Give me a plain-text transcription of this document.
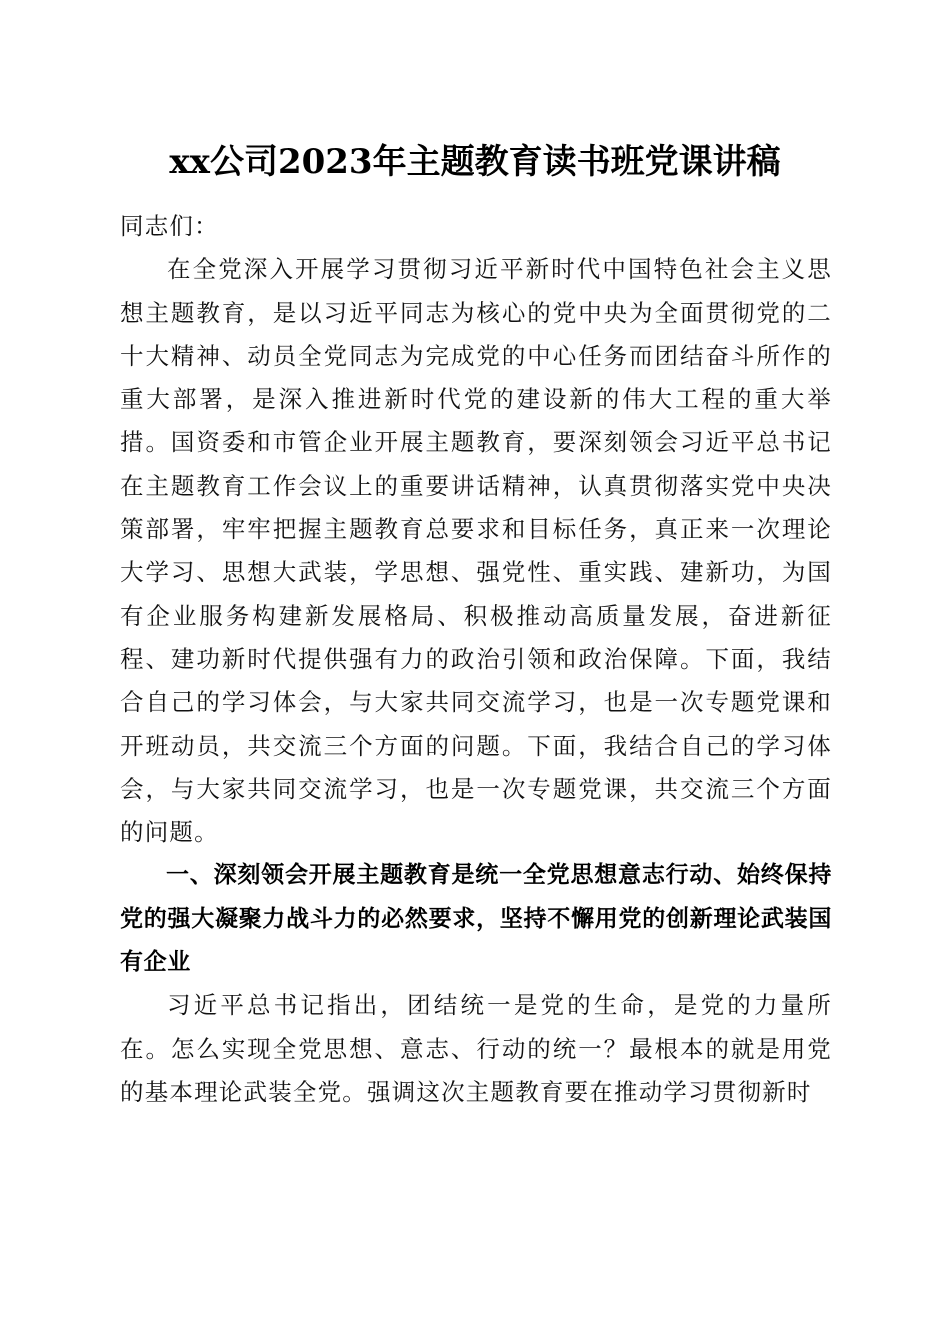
xx公司2023年主题教育读书班党课讲稿

同志们：

在全党深入开展学习贯彻习近平新时代中国特色社会主义思想主题教育，是以习近平同志为核心的党中央为全面贯彻党的二十大精神、动员全党同志为完成党的中心任务而团结奋斗所作的重大部署，是深入推进新时代党的建设新的伟大工程的重大举措。国资委和市管企业开展主题教育，要深刻领会习近平总书记在主题教育工作会议上的重要讲话精神，认真贯彻落实党中央决策部署，牢牢把握主题教育总要求和目标任务，真正来一次理论大学习、思想大武装，学思想、强党性、重实践、建新功，为国有企业服务构建新发展格局、积极推动高质量发展，奋进新征程、建功新时代提供强有力的政治引领和政治保障。下面，我结合自己的学习体会，与大家共同交流学习，也是一次专题党课和开班动员，共交流三个方面的问题。下面，我结合自己的学习体会，与大家共同交流学习，也是一次专题党课，共交流三个方面的问题。

一、深刻领会开展主题教育是统一全党思想意志行动、始终保持党的强大凝聚力战斗力的必然要求，坚持不懈用党的创新理论武装国有企业

习近平总书记指出，团结统一是党的生命，是党的力量所在。怎么实现全党思想、意志、行动的统一？最根本的就是用党的基本理论武装全党。强调这次主题教育要在推动学习贯彻新时
